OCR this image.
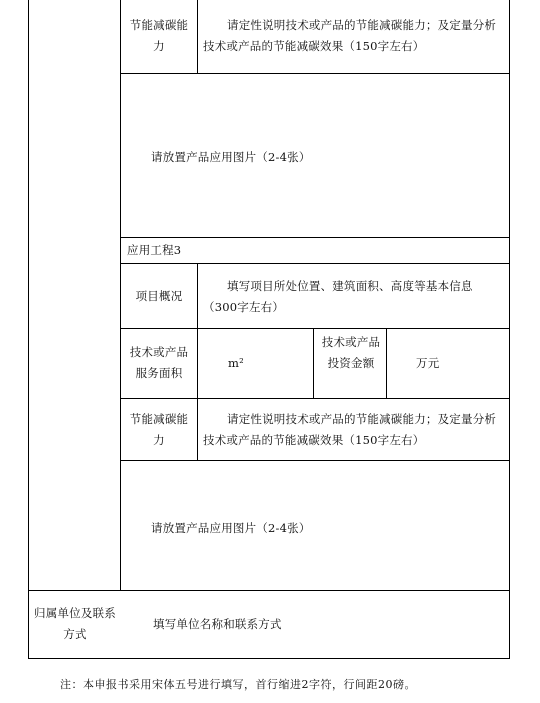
节能减碳能力
请定性说明技术或产品的节能减碳能力；及定量分析技术或产品的节能减碳效果（150字左右）
请放置产品应用图片（2-4张）
应用工程3
项目概况
填写项目所处位置、建筑面积、高度等基本信息（300字左右）
技术或产品服务面积
m²
技术或产品投资金额	万元
节能减碳能力
请定性说明技术或产品的节能减碳能力；及定量分析技术或产品的节能减碳效果（150字左右）
请放置产品应用图片（2-4张）
归属单位及联系方式
填写单位名称和联系方式
注：本申报书采用宋体五号进行填写，首行缩进2字符，行间距20磅。
